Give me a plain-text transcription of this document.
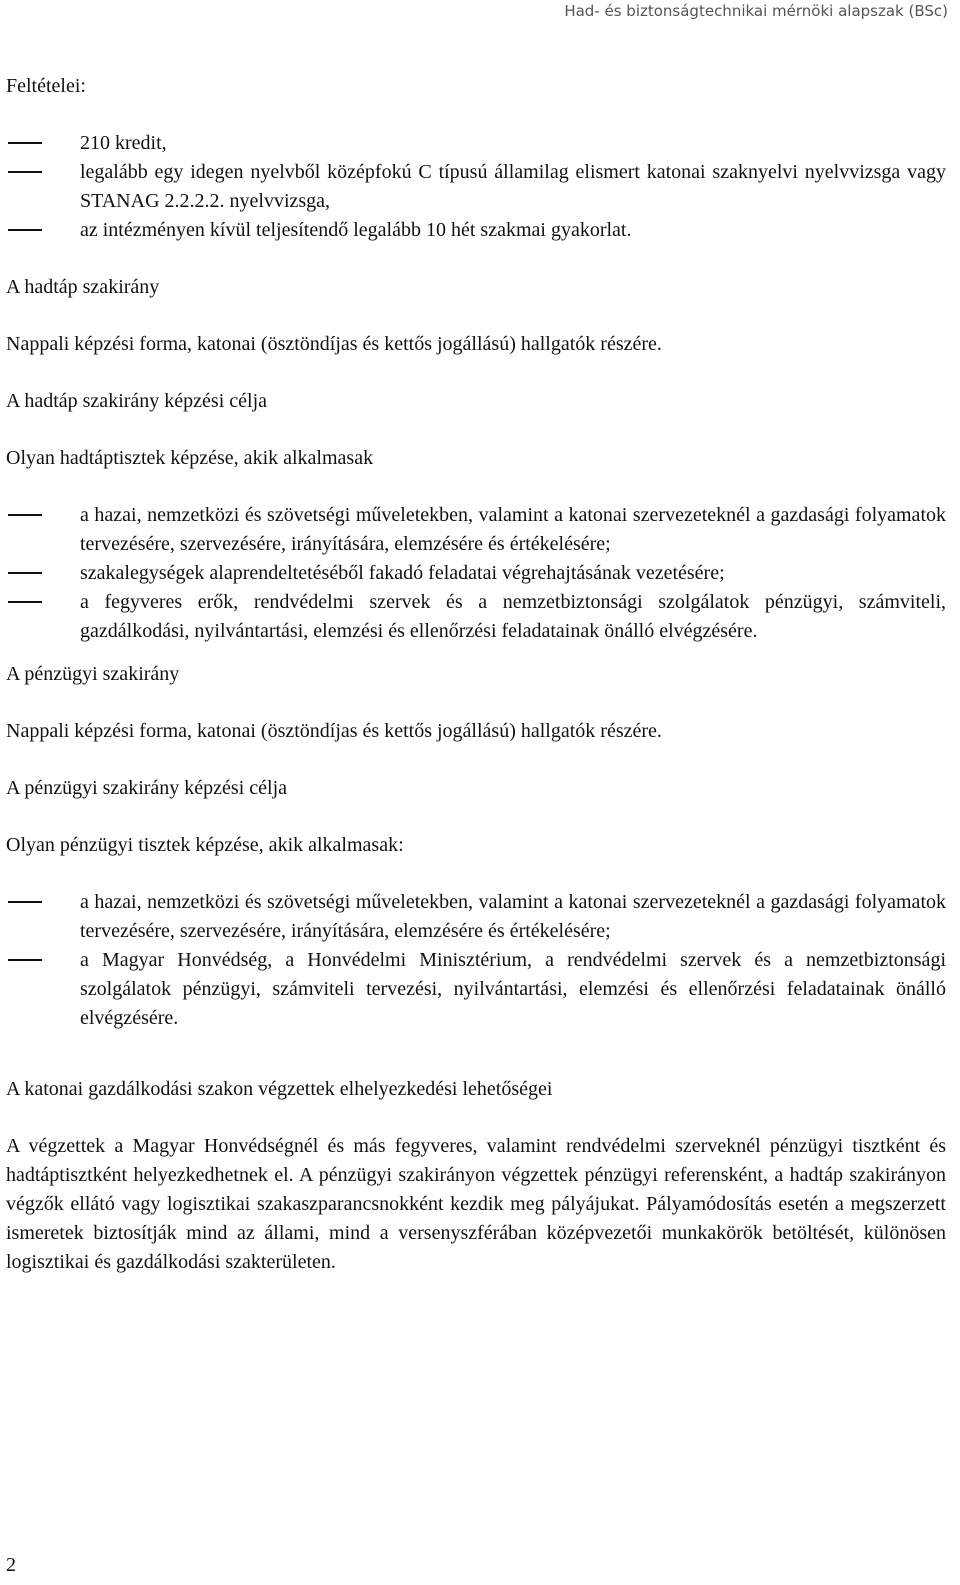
Had- és biztonságtechnikai mérnöki alapszak (BSc)

Feltételei:

210 kredit,
legalább egy idegen nyelvből középfokú C típusú államilag elismert katonai szaknyelvi nyelvvizsga vagy STANAG 2.2.2.2. nyelvvizsga,
az intézményen kívül teljesítendő legalább 10 hét szakmai gyakorlat.

A hadtáp szakirány

Nappali képzési forma, katonai (ösztöndíjas és kettős jogállású) hallgatók részére.

A hadtáp szakirány képzési célja

Olyan hadtáptisztek képzése, akik alkalmasak

a hazai, nemzetközi és szövetségi műveletekben, valamint a katonai szervezeteknél a gazdasági folyamatok tervezésére, szervezésére, irányítására, elemzésére és értékelésére;
szakalegységek alaprendeltetéséből fakadó feladatai végrehajtásának vezetésére;
a fegyveres erők, rendvédelmi szervek és a nemzetbiztonsági szolgálatok pénzügyi, számviteli, gazdálkodási, nyilvántartási, elemzési és ellenőrzési feladatainak önálló elvégzésére.

A pénzügyi szakirány

Nappali képzési forma, katonai (ösztöndíjas és kettős jogállású) hallgatók részére.

A pénzügyi szakirány képzési célja

Olyan pénzügyi tisztek képzése, akik alkalmasak:

a hazai, nemzetközi és szövetségi műveletekben, valamint a katonai szervezeteknél a gazdasági folyamatok tervezésére, szervezésére, irányítására, elemzésére és értékelésére;
a Magyar Honvédség, a Honvédelmi Minisztérium, a rendvédelmi szervek és a nemzetbiztonsági szolgálatok pénzügyi, számviteli tervezési, nyilvántartási, elemzési és ellenőrzési feladatainak önálló elvégzésére.

A katonai gazdálkodási szakon végzettek elhelyezkedési lehetőségei

A végzettek a Magyar Honvédségnél és más fegyveres, valamint rendvédelmi szerveknél pénzügyi tisztként és hadtáptisztként helyezkedhetnek el. A pénzügyi szakirányon végzettek pénzügyi referensként, a hadtáp szakirányon végzők ellátó vagy logisztikai szakaszparancsnokként kezdik meg pályájukat. Pályamódosítás esetén a megszerzett ismeretek biztosítják mind az állami, mind a versenyszférában középvezetői munkakörök betöltését, különösen logisztikai és gazdálkodási szakterületen.

2
